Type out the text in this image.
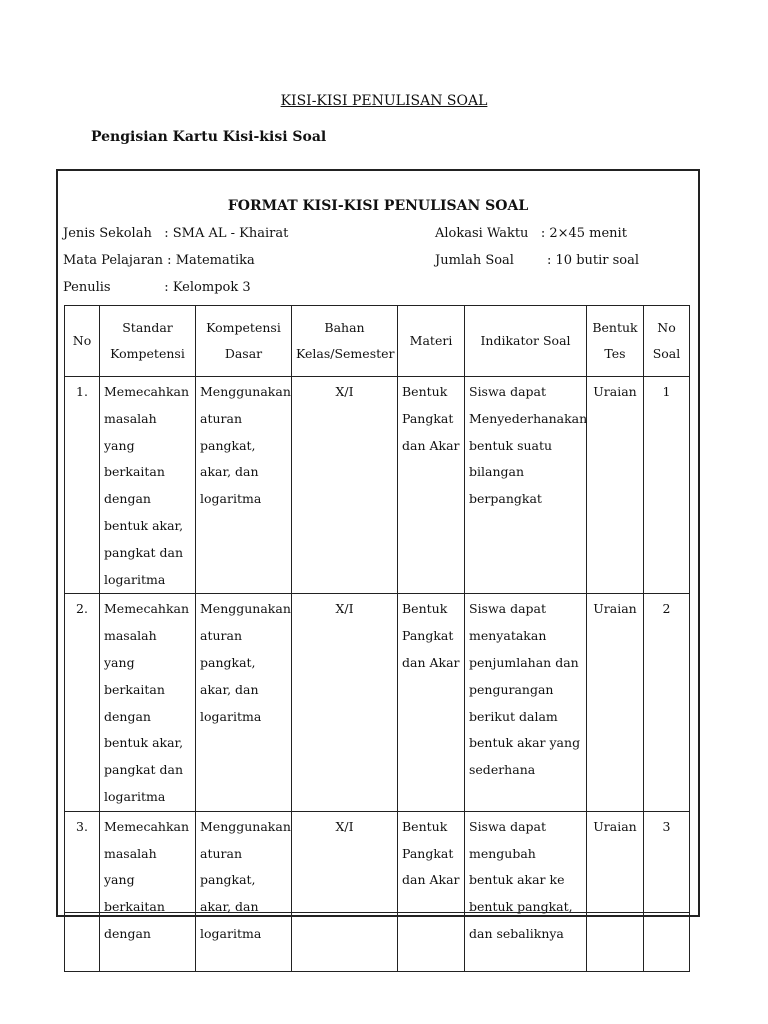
KISI-KISI PENULISAN SOAL
Pengisian Kartu Kisi-kisi Soal
FORMAT KISI-KISI PENULISAN SOAL
Jenis Sekolah   : SMA AL - Khairat
Mata Pelajaran : Matematika
Penulis             : Kelompok 3
Alokasi Waktu   : 2×45 menit
Jumlah Soal        : 10 butir soal
No	Standar Kompetensi	Kompetensi Dasar	Bahan Kelas/Semester	Materi	Indikator Soal	Bentuk Tes	No Soal
1.	Memecahkan masalah yang berkaitan dengan bentuk akar, pangkat dan logaritma	Menggunakan aturan pangkat, akar, dan logaritma	X/I	Bentuk Pangkat dan Akar	Siswa dapat Menyederhanakan bentuk suatu bilangan berpangkat	Uraian	1
2.	Memecahkan masalah yang berkaitan dengan bentuk akar, pangkat dan logaritma	Menggunakan aturan pangkat, akar, dan logaritma	X/I	Bentuk Pangkat dan Akar	Siswa dapat menyatakan penjumlahan dan pengurangan berikut dalam bentuk akar yang sederhana	Uraian	2
3.	Memecahkan masalah yang berkaitan dengan	Menggunakan aturan pangkat, akar, dan logaritma	X/I	Bentuk Pangkat dan Akar	Siswa dapat mengubah bentuk akar ke bentuk pangkat, dan sebaliknya	Uraian	3
